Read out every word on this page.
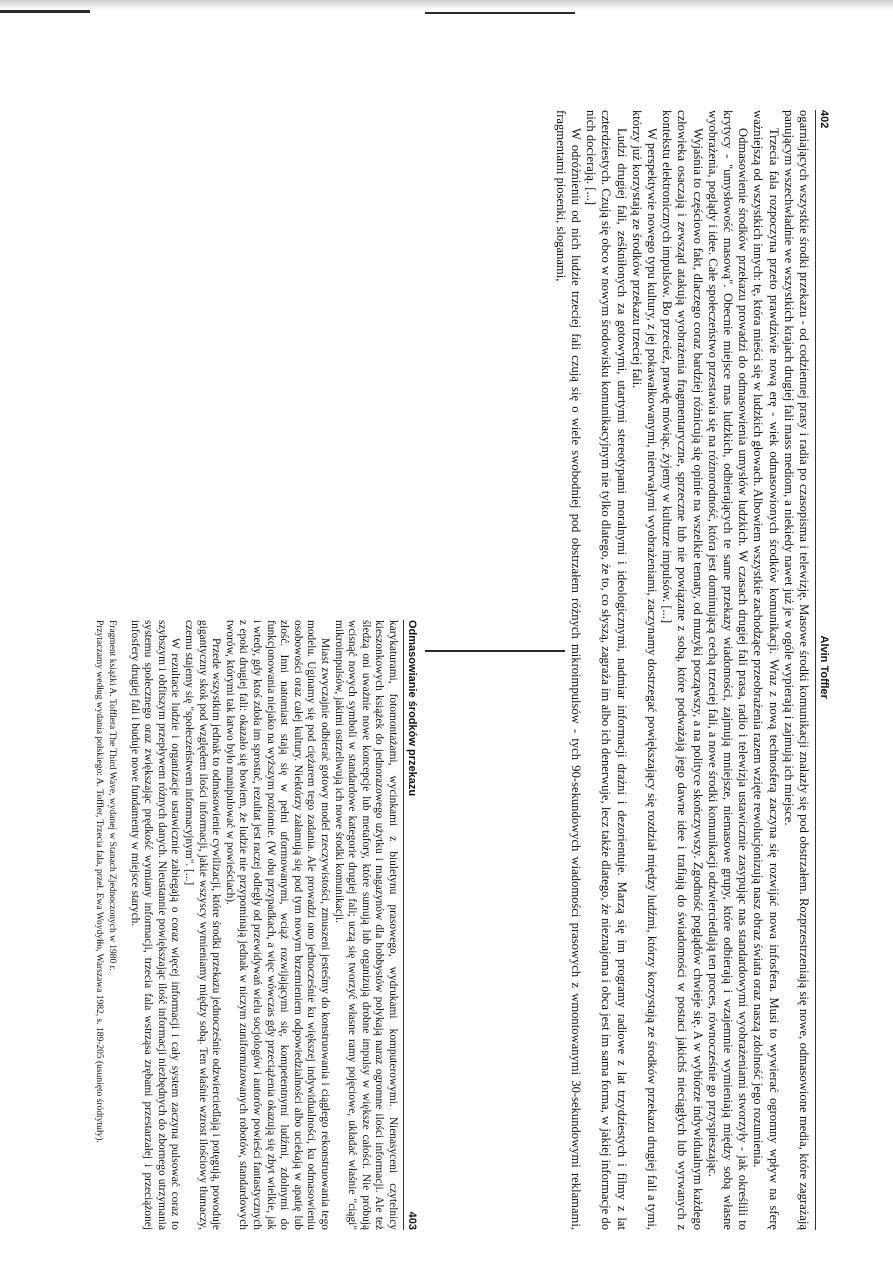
402
Alvin Toffler

ogarniających wszystkie środki przekazu - od codziennej prasy i radia po czasopisma i telewizję. Masowe środki komunikacji znalazły się pod obstrzałem. Rozprzestrzeniają się nowe, odmasowione media, które zagrażają panującym wszechwładnie we wszystkich krajach drugiej fali mass mediom, a niekiedy nawet już je w ogóle wypierają i zajmują ich miejsce.

Trzecia fala rozpoczyna przeto prawdziwie nową erę - wiek odmasowionych środków komunikacji. Wraz z nową technosferą zaczyna się rozwijać nowa infosfera. Musi to wywierać ogromny wpływ na sferę ważniejszą od wszystkich innych: tę, która mieści się w ludzkich głowach. Albowiem wszystkie zachodzące przeobrażenia razem wzięte rewolucjonizują nasz obraz świata oraz naszą zdolność jego rozumienia.

Odmasowienie środków przekazu prowadzi do odmasowienia umysłów ludzkich. W czasach drugiej fali prasa, radio i telewizja ustawicznie zasypując nas standardowymi wyobrażeniami stworzyły - jak określili to krytycy - "umysłowość masową". Obecnie miejsce mas ludzkich, odbierających te same przekazy wiadomości, zajmują mniejsze, niemasowe grupy, które odbierają i wzajemnie wymieniają między sobą własne wyobrażenia, poglądy i idee. Całe społeczeństwo przestawia się na różnorodność, która jest dominującą cechą trzeciej fali, a nowe środki komunikacji odzwierciedlają ten proces, równocześnie go przyspieszając.

Wyjaśnia to częściowo fakt, dlaczego coraz bardziej różnicują się opinie na wszelkie tematy, od muzyki począwszy, a na polityce skończywszy. Zgodność poglądów chwieje się. A w wybiórze indywidualnym każdego człowieka osaczają i zewsząd atakują wyobrażenia fragmentaryczne, sprzeczne lub nie powiązane z sobą, które podważają jego dawne idee i trafiają do świadomości w postaci jakichś nieciągłych lub wyrwanych z kontekstu elektronicznych impulsów. Bo przecież, prawdę mówiąc, żyjemy w kulturze impulsów. [...]

W perspektywie nowego typu kultury, z jej pokawałkowanymi, nietrwałymi wyobrażeniami, zaczynamy dostrzegać powiększający się rozdział między ludźmi, którzy korzystają ze środków przekazu drugiej fali a tymi, którzy już korzystają ze środków przekazu trzeciej fali.

Ludzi drugiej fali, ześkniłonych za gotowymi, utartymi stereotypami moralnymi i ideologicznymi, nadmiar informacji drażni i dezorientuje. Marzą się im programy radiowe z lat trzydziestych i filmy z lat czterdziestych. Czują się obco w nowym środowisku komunikacyjnym nie tylko dlatego, że to, co słyszą, zagraża im albo ich denerwuje, lecz także dlatego, że nieznajoma i obca jest im sama forma, w jakiej informacje do nich docierają. [...]

W odróżnieniu od nich ludzie trzeciej fali czują się o wiele swobodniej pod obstrzałem różnych mikroimpulsów - tych 90-sekundowych wiadomości prasowych z wmontowanymi 30-sekundowymi reklamami, fragmentami piosenki, sloganami,

Odmasowianie środków przekazu
403

karykaturami, fotomontażami, wycinkami z biuletynu prasowego, wydrukami komputerowymi. Nienasyceni czytelnicy kieszonkowych książek do jednorazowego użytku i magazynów dla hobbystów połykają naraz ogromne ilości informacji. Ale też śledzą oni uważnie nowe koncepcje lub metafory, które sumują lub organizują drobne impulsy w większe całości. Nie próbują wcisnąć nowych symboli w standardowe kategorie drugiej fali; uczą się tworzyć własne ramy pojęciowe, układać właśnie "ciągi" mikroimpulsów, jakimi ostrzeliwują ich nowe środki komunikacji.

Miast zwyczajnie odbierać gotowy model rzeczywistości, zmuszeni jesteśmy do konstruowania i ciągłego rekonstruowania tego modelu. Uginamy się pod ciężarem tego zadania. Ale prowadzi ono jednocześnie ku większej indywidualności, ku odmasowieniu osobowości oraz całej kultury. Niektórzy załamują się pod tym nowym brzemieniem odpowiedzialności albo uciekają w apatię lub złość. Inni natomiast stają się w pełni uformowanymi, wciąż rozwijającymi się, kompetentnymi ludźmi, zdolnymi do funkcjonowania niejako na wyższym poziomie. (W obu przypadkach, a więc wówczas gdy przeciążenia okazują się zbyt wielkie, jak i wtedy, gdy ktoś zdoła im sprostać, rezultat jest raczej odległy od przewidywań wielu socjologów i autorów powieści fantastycznych z epoki drugiej fali: okazało się bowiem, że ludzie nie przypominają jednak w niczym zuniformizowanych robotów, standardowych tworów, którymi tak łatwo było manipulować w powieściach).

Przede wszystkim jednak to odmasowienie cywilizacji, które środki przekazu jednocześnie odzwierciedlają i potęgują, powoduje gigantyczny skok pod względem ilości informacji, jakie wszyscy wymieniamy między sobą. Ten właśnie wzrost ilościowy tłumaczy, czemu stajemy się "społeczeństwem informacyjnym". [...]

W rezultacie ludzie i organizacje ustawicznie zabiegają o coraz więcej informacji i cały system zaczyna pulsować coraz to szybszym i obfitszym przepływem różnych danych. Nieustannie powiększając ilość informacji niezbędnych do zbornego utrzymania systemu społecznego oraz zwiększając prędkość wymiany informacji, trzecia fala wstrząsa zrębami przestarzałej i przeciążonej infosfery drugiej fali i buduje nowe fundamenty w miejsce starych.

Fragment książki A. Tofflera The Third Wave, wydanej w Stanach Zjednoczonych w 1980 r.

Przytaczamy według wydania polskiego: A. Toffler, Trzecia fala, przeł. Ewa Woydyłło, Warszawa 1982, s. 189-205 (usunięto śródtytuły).
